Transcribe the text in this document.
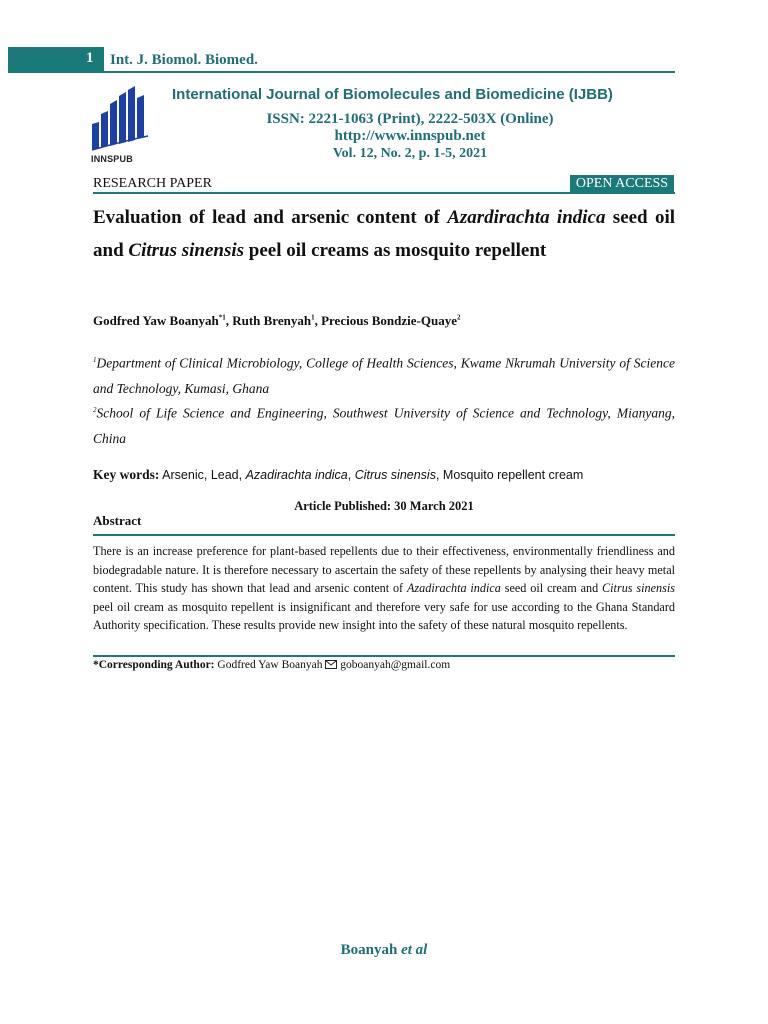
1 Int. J. Biomol. Biomed.
INNSPUB
International Journal of Biomolecules and Biomedicine (IJBB)
ISSN: 2221-1063 (Print), 2222-503X (Online)
http://www.innspub.net
Vol. 12, No. 2, p. 1-5, 2021
RESEARCH PAPER	OPEN ACCESS
Evaluation of lead and arsenic content of Azardirachta indica seed oil and Citrus sinensis peel oil creams as mosquito repellent
Godfred Yaw Boanyah$^{*1}$, Ruth Brenyah$^1$, Precious Bondzie-Quaye$^2$
$^1$Department of Clinical Microbiology, College of Health Sciences, Kwame Nkrumah University of Science and Technology, Kumasi, Ghana
$^2$School of Life Science and Engineering, Southwest University of Science and Technology, Mianyang, China
Key words: Arsenic, Lead, Azadirachta indica, Citrus sinensis, Mosquito repellent cream
Article Published: 30 March 2021
Abstract
There is an increase preference for plant-based repellents due to their effectiveness, environmentally friendliness and biodegradable nature. It is therefore necessary to ascertain the safety of these repellents by analysing their heavy metal content. This study has shown that lead and arsenic content of Azadirachta indica seed oil cream and Citrus sinensis peel oil cream as mosquito repellent is insignificant and therefore very safe for use according to the Ghana Standard Authority specification. These results provide new insight into the safety of these natural mosquito repellents.
*Corresponding Author: Godfred Yaw Boanyah goboanyah@gmail.com
Boanyah et al
